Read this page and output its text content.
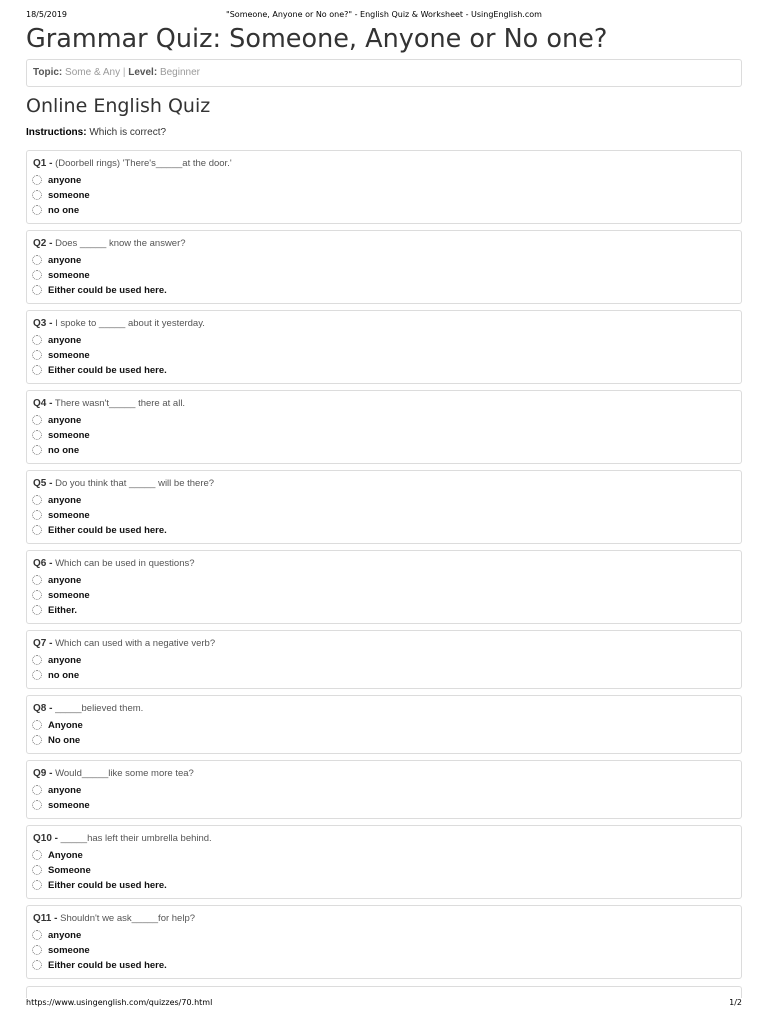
18/5/2019	"Someone, Anyone or No one?" - English Quiz & Worksheet - UsingEnglish.com
Grammar Quiz: Someone, Anyone or No one?
Topic: Some & Any | Level: Beginner
Online English Quiz
Instructions: Which is correct?
Q1 - (Doorbell rings) 'There's_____at the door.'
anyone
someone
no one
Q2 - Does _____ know the answer?
anyone
someone
Either could be used here.
Q3 - I spoke to _____ about it yesterday.
anyone
someone
Either could be used here.
Q4 - There wasn't_____ there at all.
anyone
someone
no one
Q5 - Do you think that _____ will be there?
anyone
someone
Either could be used here.
Q6 - Which can be used in questions?
anyone
someone
Either.
Q7 - Which can used with a negative verb?
anyone
no one
Q8 - _____believed them.
Anyone
No one
Q9 - Would_____like some more tea?
anyone
someone
Q10 - _____has left their umbrella behind.
Anyone
Someone
Either could be used here.
Q11 - Shouldn't we ask_____for help?
anyone
someone
Either could be used here.
https://www.usingenglish.com/quizzes/70.html	1/2
